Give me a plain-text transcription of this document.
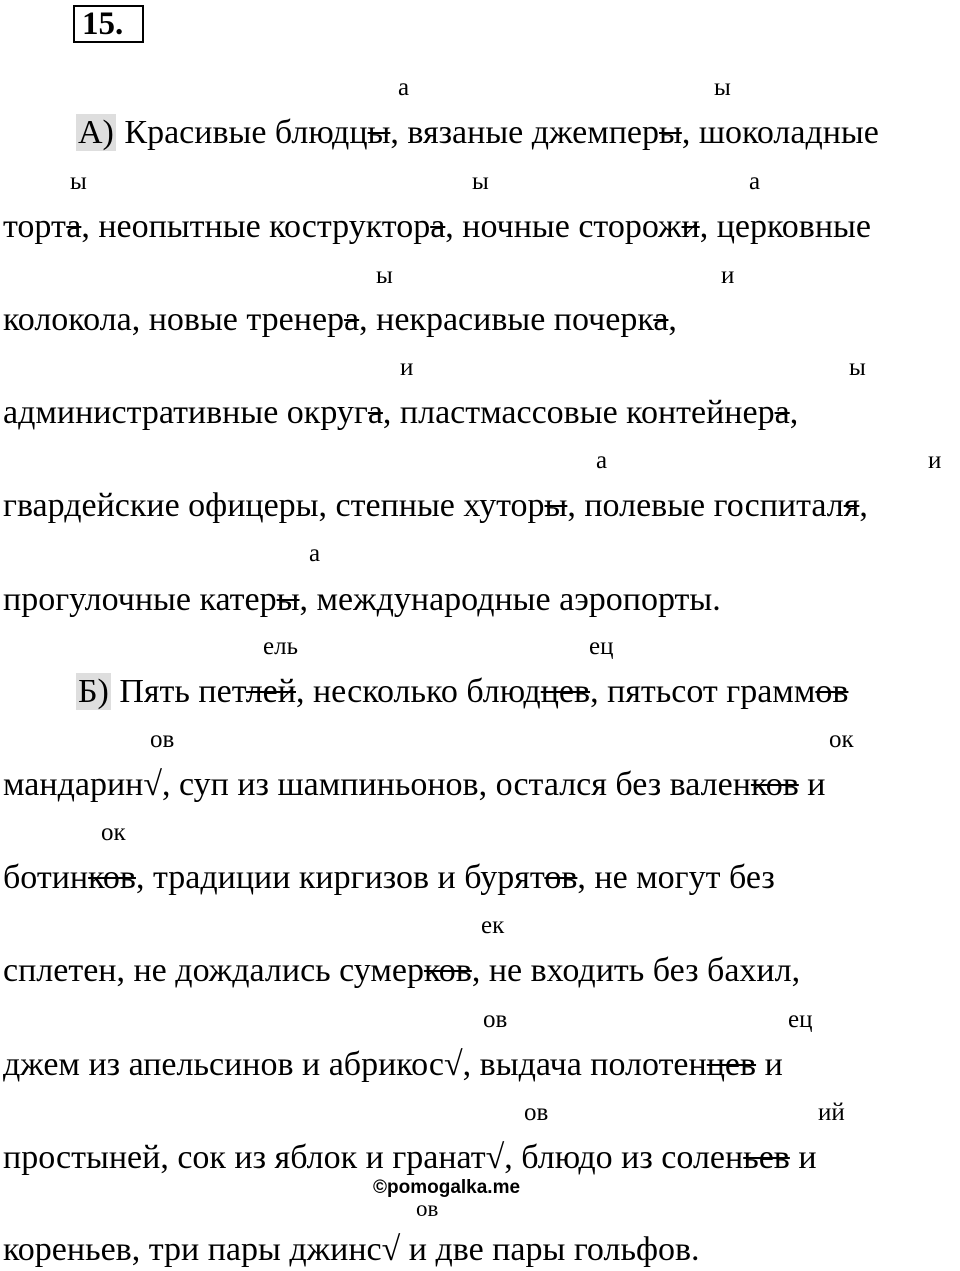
15.
а	ы
А) Красивые блюдцы, вязаные джемперы, шоколадные
ы	ы	а
торта, неопытные коструктора, ночные сторожи, церковные
ы	и
колокола, новые тренера, некрасивые почерка,
и	ы
административные округа, пластмассовые контейнера,
а	и
гвардейские офицеры, степные хуторы, полевые госпиталя,
а
прогулочные катеры, международные аэропорты.
ель	ец
Б) Пять петлей, несколько блюдцев, пятьсот граммов
ов	ок
мандарин√, суп из шампиньонов, остался без валенков и
ок
ботинков, традиции киргизов и бурятов, не могут без
ек
сплетен, не дождались сумерков, не входить без бахил,
ов	ец
джем из апельсинов и абрикос√, выдача полотенцев и
ов	ий
простыней, сок из яблок и гранат√, блюдо из соленьев и
©pomogalka.me
ов
кореньев, три пары джинс√ и две пары гольфов.
